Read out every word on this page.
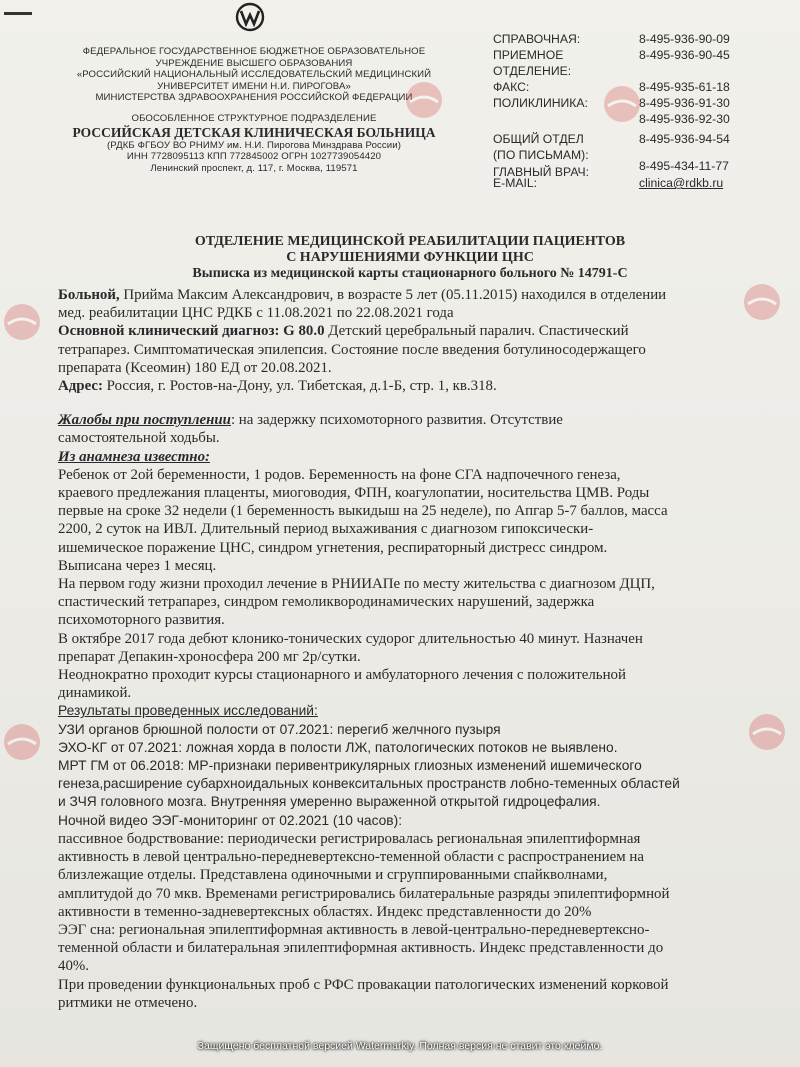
ФЕДЕРАЛЬНОЕ ГОСУДАРСТВЕННОЕ БЮДЖЕТНОЕ ОБРАЗОВАТЕЛЬНОЕ
УЧРЕЖДЕНИЕ ВЫСШЕГО ОБРАЗОВАНИЯ
«РОССИЙСКИЙ НАЦИОНАЛЬНЫЙ ИССЛЕДОВАТЕЛЬСКИЙ МЕДИЦИНСКИЙ
УНИВЕРСИТЕТ ИМЕНИ Н.И. ПИРОГОВА»
МИНИСТЕРСТВА ЗДРАВООХРАНЕНИЯ РОССИЙСКОЙ ФЕДЕРАЦИИ
ОБОСОБЛЕННОЕ СТРУКТУРНОЕ ПОДРАЗДЕЛЕНИЕ
РОССИЙСКАЯ ДЕТСКАЯ КЛИНИЧЕСКАЯ БОЛЬНИЦА
(РДКБ ФГБОУ ВО РНИМУ им. Н.И. Пирогова Минздрава России)
ИНН 7728095113 КПП 772845002 ОГРН 1027739054420
Ленинский проспект, д. 117, г. Москва, 119571
СПРАВОЧНАЯ:	8-495-936-90-09
ПРИЕМНОЕ	8-495-936-90-45
ОТДЕЛЕНИЕ:
ФАКС:	8-495-935-61-18
ПОЛИКЛИНИКА:	8-495-936-91-30
8-495-936-92-30
ОБЩИЙ ОТДЕЛ	8-495-936-94-54
(ПО ПИСЬМАМ):
ГЛАВНЫЙ ВРАЧ:	8-495-434-11-77
E-MAIL:	clinica@rdkb.ru
ОТДЕЛЕНИЕ МЕДИЦИНСКОЙ РЕАБИЛИТАЦИИ ПАЦИЕНТОВ
С НАРУШЕНИЯМИ ФУНКЦИИ ЦНС
Выписка из медицинской карты стационарного больного № 14791-С

Больной, Прийма Максим Александрович, в возрасте 5 лет (05.11.2015) находился в отделении

мед. реабилитации ЦНС РДКБ с 11.08.2021 по 22.08.2021 года

Основной клинический диагноз: G 80.0 Детский церебральный паралич. Спастический

тетрапарез. Симптоматическая эпилепсия. Состояние после введения ботулиносодержащего

препарата (Ксеомин) 180 ЕД от 20.08.2021.

Адрес: Россия, г. Ростов-на-Дону, ул. Тибетская, д.1-Б, стр. 1, кв.318.

Жалобы при поступлении: на задержку психомоторного развития. Отсутствие

самостоятельной ходьбы.

Из анамнеза известно:

Ребенок от 2ой беременности, 1 родов. Беременность на фоне СГА надпочечного генеза,

краевого предлежания плаценты, миоговодия, ФПН, коагулопатии, носительства ЦМВ. Роды

первые на сроке 32 недели (1 беременность выкидыш на 25 неделе), по Апгар 5-7 баллов, масса

2200, 2 суток на ИВЛ. Длительный период выхаживания с диагнозом гипоксически-

ишемическое поражение ЦНС, синдром угнетения, респираторный дистресс синдром.

Выписана через 1 месяц.

На первом году жизни проходил лечение в РНИИАПе по месту жительства с диагнозом ДЦП,

спастический тетрапарез, синдром гемоликвородинамических нарушений, задержка

психомоторного развития.

В октябре 2017 года дебют клонико-тонических судорог длительностью 40 минут. Назначен

препарат Депакин-хроносфера 200 мг 2р/сутки.

Неоднократно проходит курсы стационарного и амбулаторного лечения с положительной

динамикой.

Результаты проведенных исследований:

УЗИ органов брюшной полости от 07.2021: перегиб желчного пузыря

ЭХО-КГ от 07.2021: ложная хорда в полости ЛЖ, патологических потоков не выявлено.

МРТ ГМ от 06.2018: МР-признаки перивентрикулярных глиозных изменений ишемического

генеза,расширение субархноидальных конвекситальных пространств лобно-теменных областей

и ЗЧЯ головного мозга. Внутренняя умеренно выраженной открытой гидроцефалия.

Ночной видео ЭЭГ-мониторинг от 02.2021 (10 часов):

пассивное бодрствование: периодически регистрировалась региональная эпилептиформная

активность в левой центрально-передневертексно-теменной области с распространением на

близлежащие отделы. Представлена одиночными и сгруппированными спайкволнами,

амплитудой до 70 мкв. Временами регистрировались билатеральные разряды эпилептиформной

активности в теменно-задневертексных областях. Индекс представленности до 20%

ЭЭГ сна: региональная эпилептиформная активность в левой-центрально-передневертексно-

теменной области и билатеральная эпилептиформная активность. Индекс представленности до

40%.

При проведении функциональных проб с РФС провакации патологических изменений корковой

ритмики не отмечено.

Защищено бесплатной версией Watermarkly. Полная версия не ставит это клеймо.
